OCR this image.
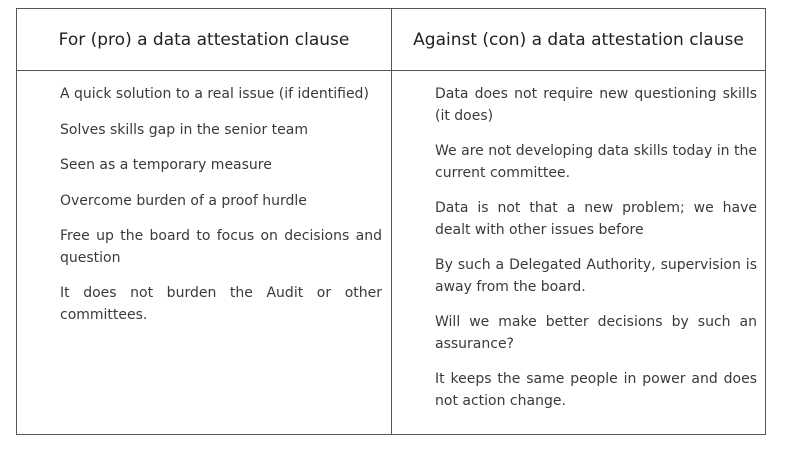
For (pro) a data attestation clause	Against (con) a data attestation clause

A quick solution to a real issue (if identified)

Solves skills gap in the senior team

Seen as a temporary measure

Overcome burden of a proof hurdle

Free up the board to focus on decisions and question

It does not burden the Audit or other committees.

Data does not require new questioning skills (it does)

We are not developing data skills today in the current committee.

Data is not that a new problem; we have dealt with other issues before

By such a Delegated Authority, supervision is away from the board.

Will we make better decisions by such an assurance?

It keeps the same people in power and does not action change.
